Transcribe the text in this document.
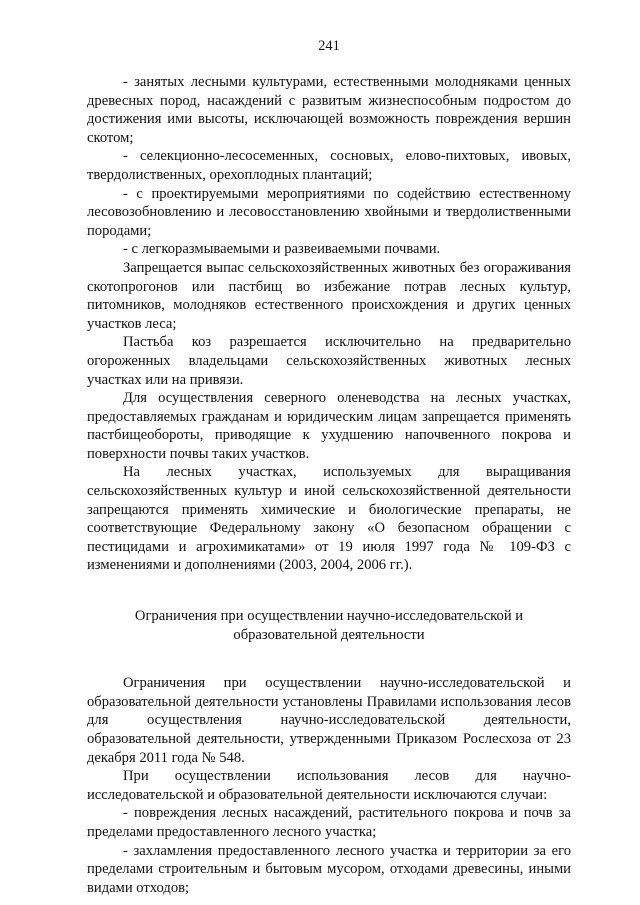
241

- занятых лесными культурами, естественными молодняками ценных древесных пород, насаждений с развитым жизнеспособным подростом до достижения ими высоты, исключающей возможность повреждения вершин скотом;

- селекционно-лесосеменных, сосновых, елово-пихтовых, ивовых, твердолиственных, орехоплодных плантаций;

- с проектируемыми мероприятиями по содействию естественному лесовозобновлению и лесовосстановлению хвойными и твердолиственными породами;

- с легкоразмываемыми и развеиваемыми почвами.

Запрещается выпас сельскохозяйственных животных без огораживания скотопрогонов или пастбищ во избежание потрав лесных культур, питомников, молодняков естественного происхождения и других ценных участков леса;

Пастьба коз разрешается исключительно на предварительно огороженных владельцами сельскохозяйственных животных лесных участках или на привязи.

Для осуществления северного оленеводства на лесных участках, предоставляемых гражданам и юридическим лицам запрещается применять пастбищеобороты, приводящие к ухудшению напочвенного покрова и поверхности почвы таких участков.

На лесных участках, используемых для выращивания сельскохозяйственных культур и иной сельскохозяйственной деятельности запрещаются применять химические и биологические препараты, не соответствующие Федеральному закону «О безопасном обращении с пестицидами и агрохимикатами» от 19 июля 1997 года № 109-ФЗ с изменениями и дополнениями (2003, 2004, 2006 гг.).

Ограничения при осуществлении научно-исследовательской и
образовательной деятельности

Ограничения при осуществлении научно-исследовательской и образовательной деятельности установлены Правилами использования лесов для осуществления научно-исследовательской деятельности, образовательной деятельности, утвержденными Приказом Рослесхоза от 23 декабря 2011 года № 548.

При осуществлении использования лесов для научно-исследовательской и образовательной деятельности исключаются случаи:

- повреждения лесных насаждений, растительного покрова и почв за пределами предоставленного лесного участка;

- захламления предоставленного лесного участка и территории за его пределами строительным и бытовым мусором, отходами древесины, иными видами отходов;
